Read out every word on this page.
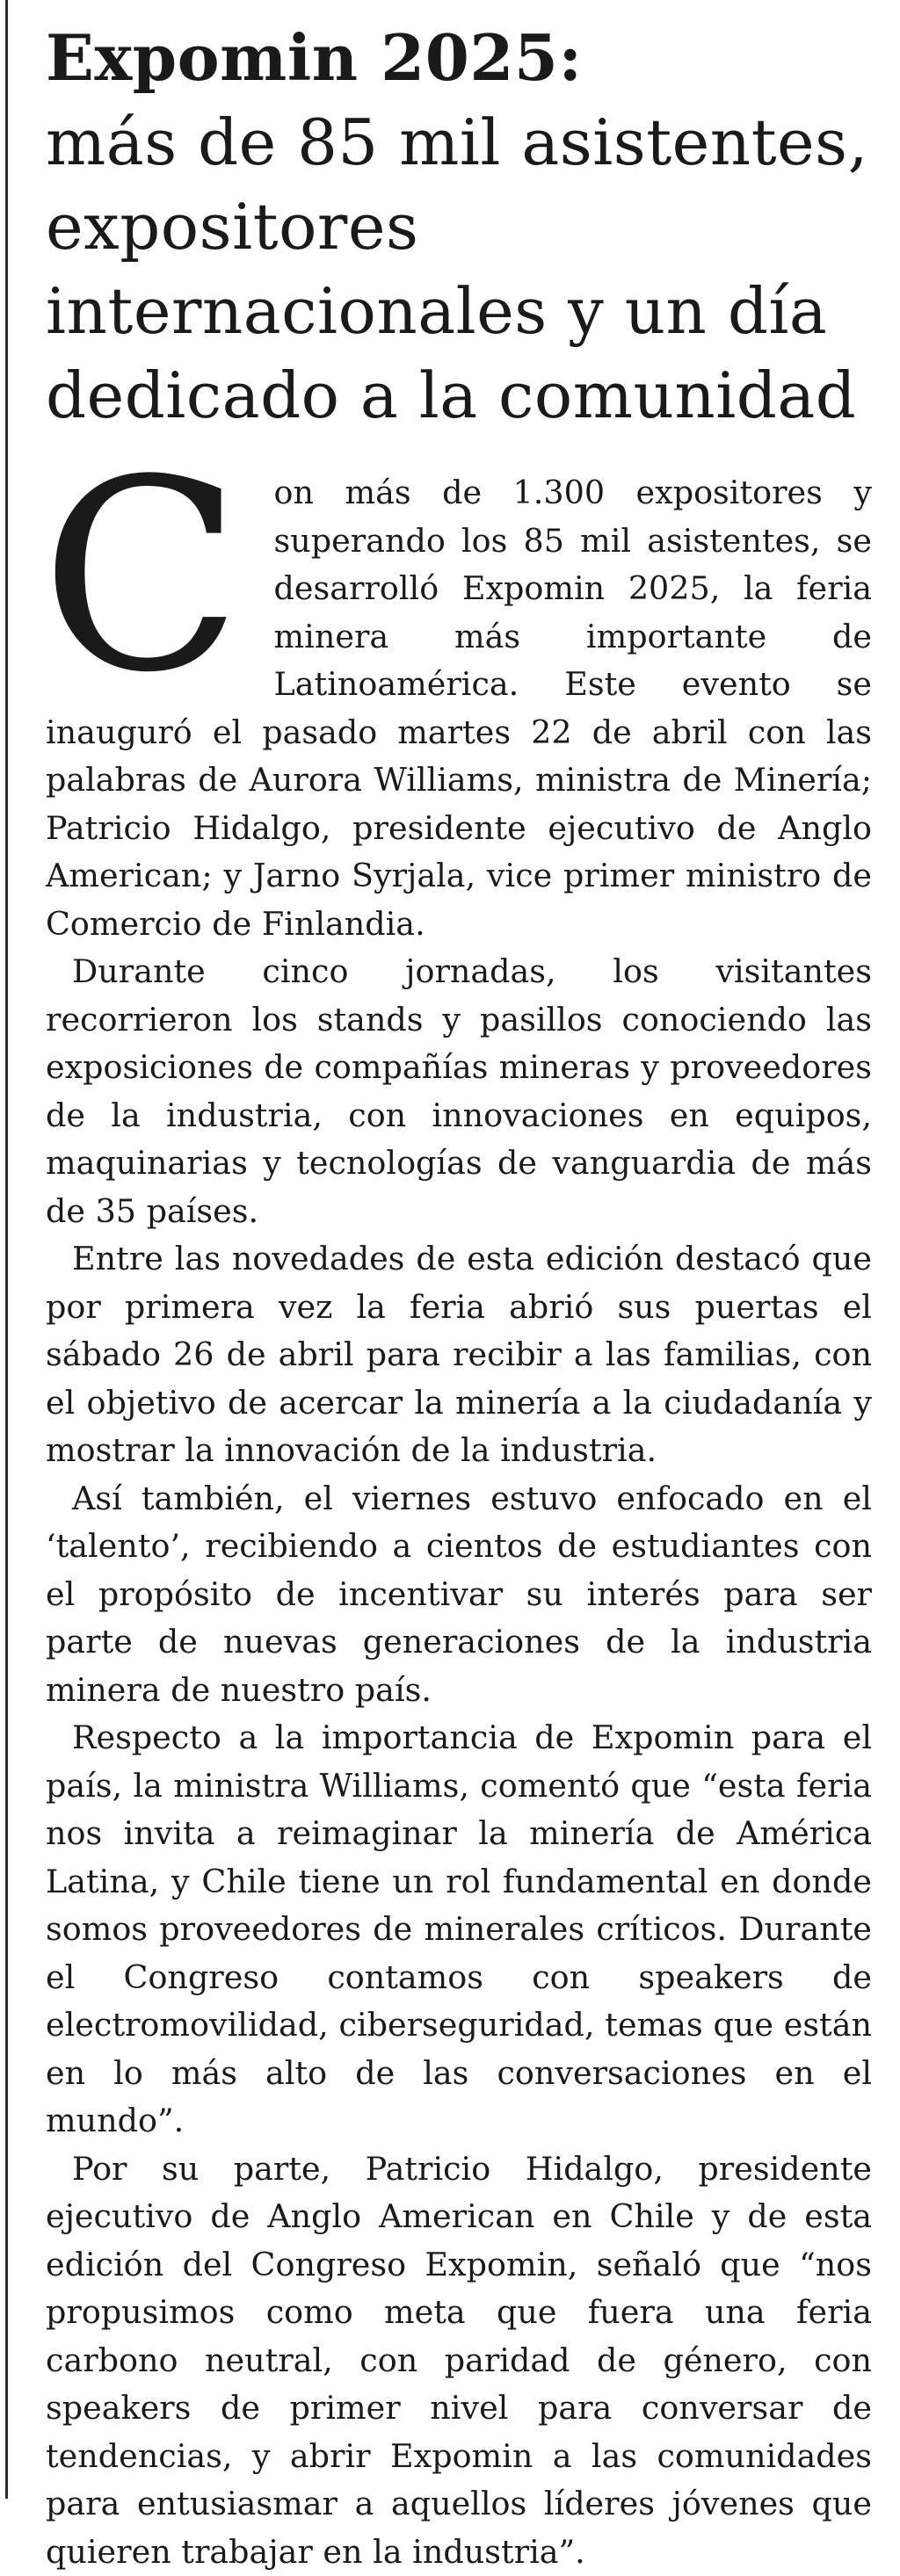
Expomin 2025:
más de 85 mil asistentes, expositores internacionales y un día dedicado a la comunidad

Con más de 1.300 expositores y superando los 85 mil asistentes, se desarrolló Expomin 2025, la feria minera más importante de Latinoamérica. Este evento se inauguró el pasado martes 22 de abril con las palabras de Aurora Williams, ministra de Minería; Patricio Hidalgo, presidente ejecutivo de Anglo American; y Jarno Syrjala, vice primer ministro de Comercio de Finlandia.

Durante cinco jornadas, los visitantes recorrieron los stands y pasillos conociendo las exposiciones de compañías mineras y proveedores de la industria, con innovaciones en equipos, maquinarias y tecnologías de vanguardia de más de 35 países.

Entre las novedades de esta edición destacó que por primera vez la feria abrió sus puertas el sábado 26 de abril para recibir a las familias, con el objetivo de acercar la minería a la ciudadanía y mostrar la innovación de la industria.

Así también, el viernes estuvo enfocado en el ‘talento’, recibiendo a cientos de estudiantes con el propósito de incentivar su interés para ser parte de nuevas generaciones de la industria minera de nuestro país.

Respecto a la importancia de Expomin para el país, la ministra Williams, comentó que “esta feria nos invita a reimaginar la minería de América Latina, y Chile tiene un rol fundamental en donde somos proveedores de minerales críticos. Durante el Congreso contamos con speakers de electromovilidad, ciberseguridad, temas que están en lo más alto de las conversaciones en el mundo”.

Por su parte, Patricio Hidalgo, presidente ejecutivo de Anglo American en Chile y de esta edición del Congreso Expomin, señaló que “nos propusimos como meta que fuera una feria carbono neutral, con paridad de género, con speakers de primer nivel para conversar de tendencias, y abrir Expomin a las comunidades para entusiasmar a aquellos líderes jóvenes que quieren trabajar en la industria”.
